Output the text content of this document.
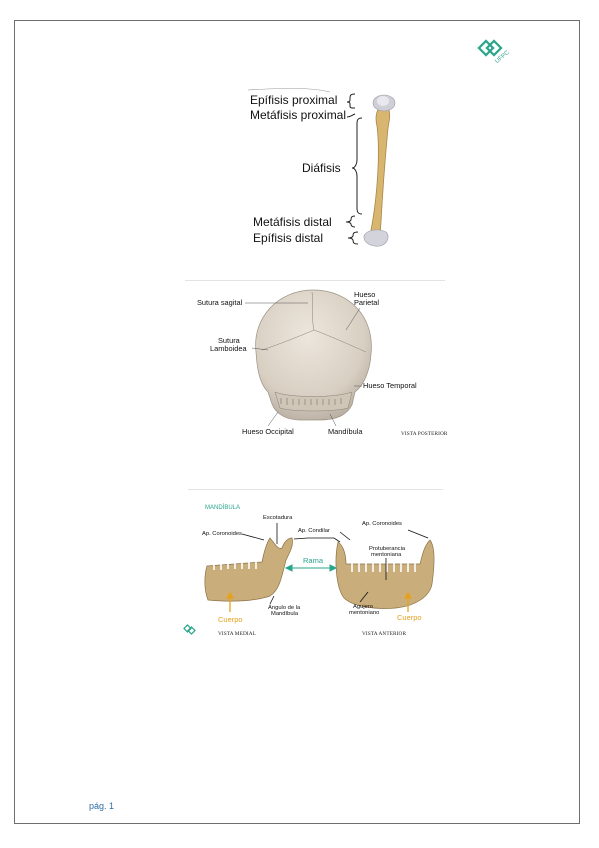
UFPC
Epífisis proximal
Metáfisis proximal
Diáfisis
Metáfisis distal
Epífisis distal
Sutura sagital
Hueso
Parietal
Sutura
Lamboidea
Hueso Temporal
Hueso Occipital	Mandíbula	VISTA POSTERIOR
MANDÍBULA
Escotadura
Ap. Coronoides	Ap. Condilar
Ap. Coronoides
Protuberancia
mentoniana
Rama
Cuerpo
Ángulo de la
Mandíbula
Agujero
mentoniano Cuerpo
VISTA MEDIAL	VISTA ANTERIOR
pág. 1
